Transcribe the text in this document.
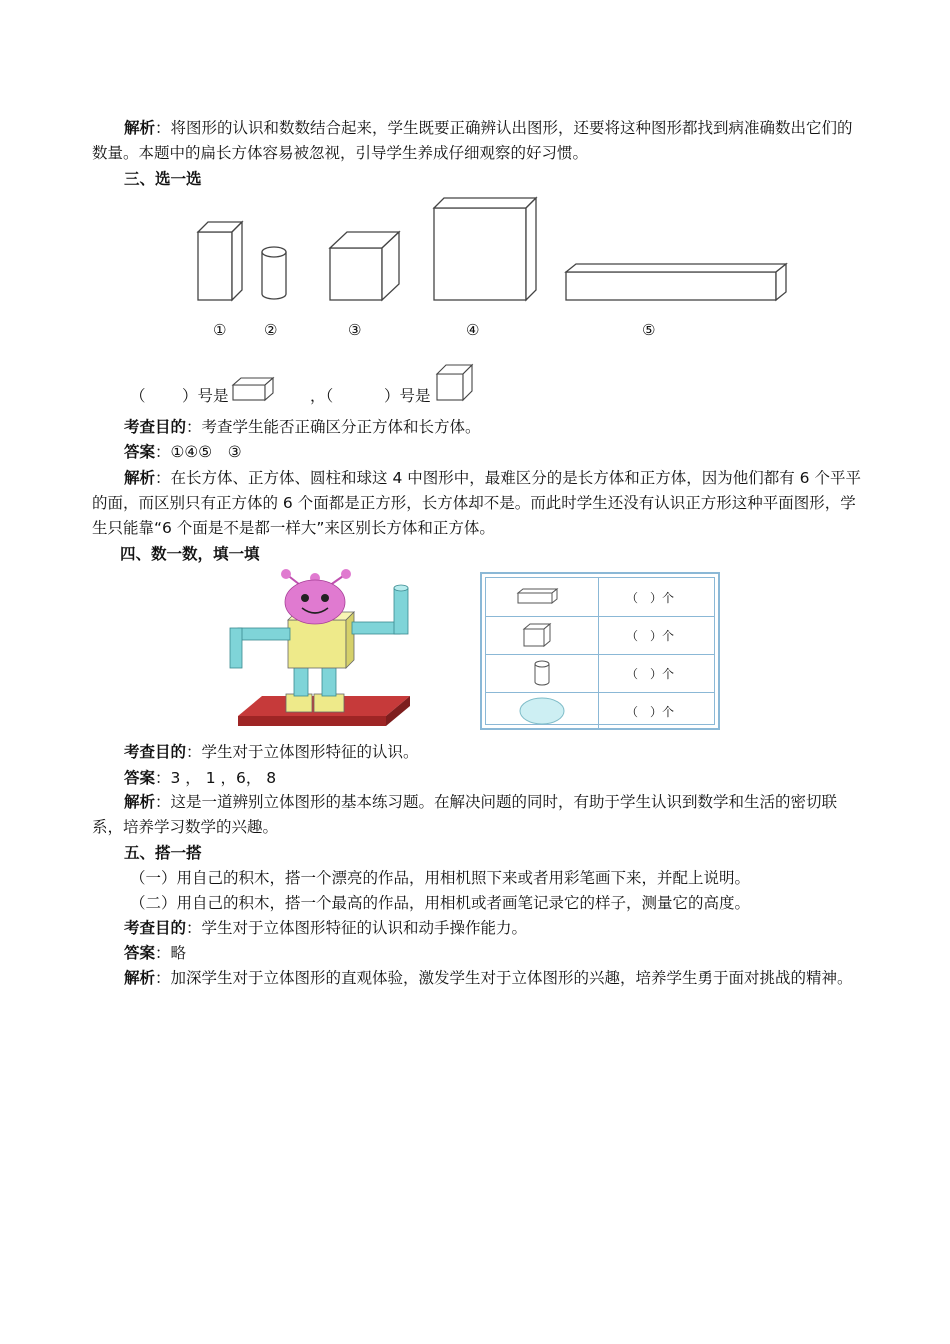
解析：将图形的认识和数数结合起来，学生既要正确辨认出图形，还要将这种图形都找到病准确数出它们的数量。本题中的扁长方体容易被忽视，引导学生养成仔细观察的好习惯。

三、选一选
①	②	③	④	⑤
（ ）号是	，（	）号是

考查目的：考查学生能否正确区分正方体和长方体。

答案：①④⑤　③

解析：在长方体、正方体、圆柱和球这 4 中图形中，最难区分的是长方体和正方体，因为他们都有 6 个平平的面，而区别只有正方体的 6 个面都是正方形，长方体却不是。而此时学生还没有认识正方形这种平面图形，学生只能靠“6 个面是不是都一样大”来区别长方体和正方体。

四、数一数，填一填
（　）个
（　）个
（　）个
（　）个

考查目的：学生对于立体图形特征的认识。

答案：3 ， 1 ，6， 8

解析：这是一道辨别立体图形的基本练习题。在解决问题的同时，有助于学生认识到数学和生活的密切联系，培养学习数学的兴趣。

五、搭一搭

（一）用自己的积木，搭一个漂亮的作品，用相机照下来或者用彩笔画下来，并配上说明。

（二）用自己的积木，搭一个最高的作品，用相机或者画笔记录它的样子，测量它的高度。

考查目的：学生对于立体图形特征的认识和动手操作能力。

答案：略

解析：加深学生对于立体图形的直观体验，激发学生对于立体图形的兴趣，培养学生勇于面对挑战的精神。
